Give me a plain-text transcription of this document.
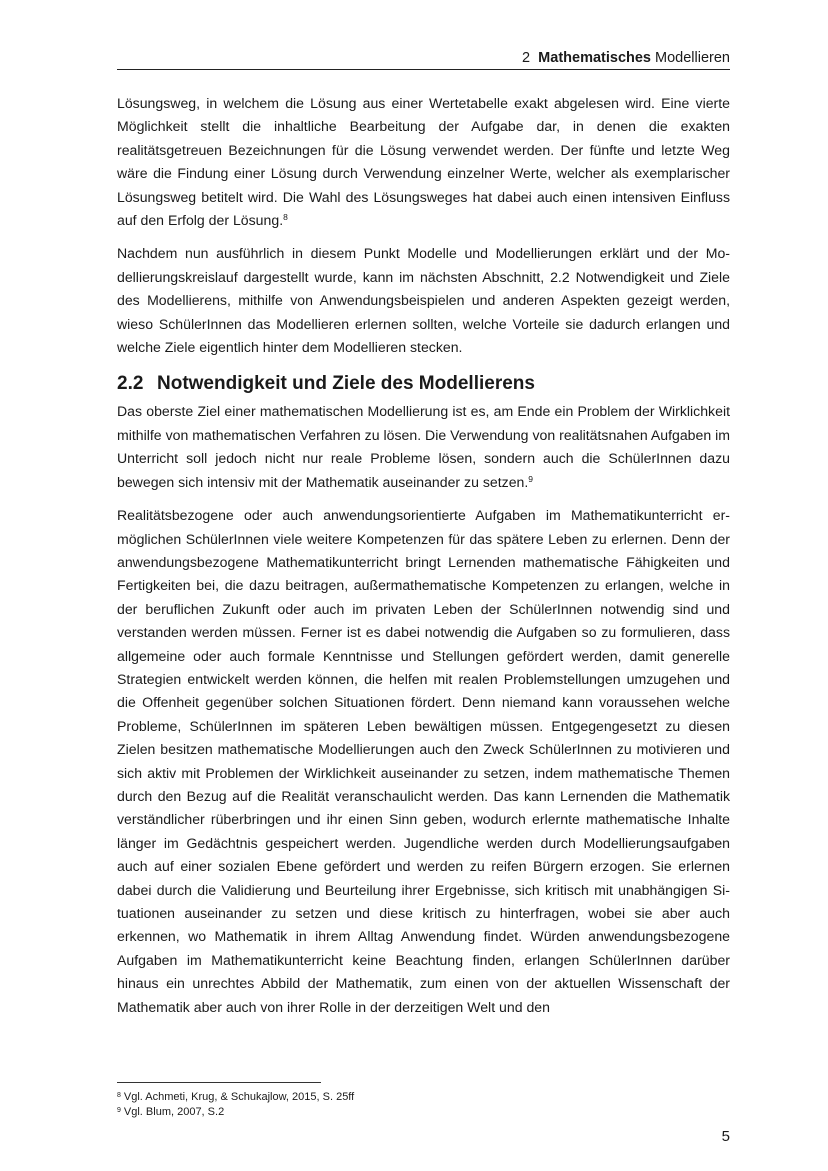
2 Mathematisches Modellieren

Lösungsweg, in welchem die Lösung aus einer Wertetabelle exakt abgelesen wird. Eine vierte Möglichkeit stellt die inhaltliche Bearbeitung der Aufgabe dar, in denen die exakten realitätsgetreuen Bezeichnungen für die Lösung verwendet werden. Der fünfte und letzte Weg wäre die Findung einer Lösung durch Verwendung einzelner Werte, welcher als exemplarischer Lösungsweg betitelt wird. Die Wahl des Lösungsweges hat dabei auch einen intensiven Einfluss auf den Erfolg der Lösung.$^8$

Nachdem nun ausführlich in diesem Punkt Modelle und Modellierungen erklärt und der Modellierungskreislauf dargestellt wurde, kann im nächsten Abschnitt, 2.2 Notwendigkeit und Ziele des Modellierens, mithilfe von Anwendungsbeispielen und anderen Aspekten gezeigt werden, wieso SchülerInnen das Modellieren erlernen sollten, welche Vorteile sie dadurch erlangen und welche Ziele eigentlich hinter dem Modellieren stecken.

2.2 Notwendigkeit und Ziele des Modellierens

Das oberste Ziel einer mathematischen Modellierung ist es, am Ende ein Problem der Wirklichkeit mithilfe von mathematischen Verfahren zu lösen. Die Verwendung von realitätsnahen Aufgaben im Unterricht soll jedoch nicht nur reale Probleme lösen, sondern auch die SchülerInnen dazu bewegen sich intensiv mit der Mathematik auseinander zu setzen.$^9$

Realitätsbezogene oder auch anwendungsorientierte Aufgaben im Mathematikunterricht ermöglichen SchülerInnen viele weitere Kompetenzen für das spätere Leben zu erlernen. Denn der anwendungsbezogene Mathematikunterricht bringt Lernenden mathematische Fähigkeiten und Fertigkeiten bei, die dazu beitragen, außermathematische Kompetenzen zu erlangen, welche in der beruflichen Zukunft oder auch im privaten Leben der SchülerInnen notwendig sind und verstanden werden müssen. Ferner ist es dabei notwendig die Aufgaben so zu formulieren, dass allgemeine oder auch formale Kenntnisse und Stellungen gefördert werden, damit generelle Strategien entwickelt werden können, die helfen mit realen Problemstellungen umzugehen und die Offenheit gegenüber solchen Situationen fördert. Denn niemand kann voraussehen welche Probleme, SchülerInnen im späteren Leben bewältigen müssen. Entgegengesetzt zu diesen Zielen besitzen mathematische Modellierungen auch den Zweck SchülerInnen zu motivieren und sich aktiv mit Problemen der Wirklichkeit auseinander zu setzen, indem mathematische Themen durch den Bezug auf die Realität veranschaulicht werden. Das kann Lernenden die Mathematik verständlicher rüberbringen und ihr einen Sinn geben, wodurch erlernte mathematische Inhalte länger im Gedächtnis gespeichert werden. Jugendliche werden durch Modellierungsaufgaben auch auf einer sozialen Ebene gefördert und werden zu reifen Bürgern erzogen. Sie erlernen dabei durch die Validierung und Beurteilung ihrer Ergebnisse, sich kritisch mit unabhängigen Situationen auseinander zu setzen und diese kritisch zu hinterfragen, wobei sie aber auch erkennen, wo Mathematik in ihrem Alltag Anwendung findet. Würden anwendungsbezogene Aufgaben im Mathematikunterricht keine Beachtung finden, erlangen SchülerInnen darüber hinaus ein unrechtes Abbild der Mathematik, zum einen von der aktuellen Wissenschaft der Mathematik aber auch von ihrer Rolle in der derzeitigen Welt und den

$^8$ Vgl. Achmeti, Krug, & Schukajlow, 2015, S. 25ff
$^9$ Vgl. Blum, 2007, S.2
5
